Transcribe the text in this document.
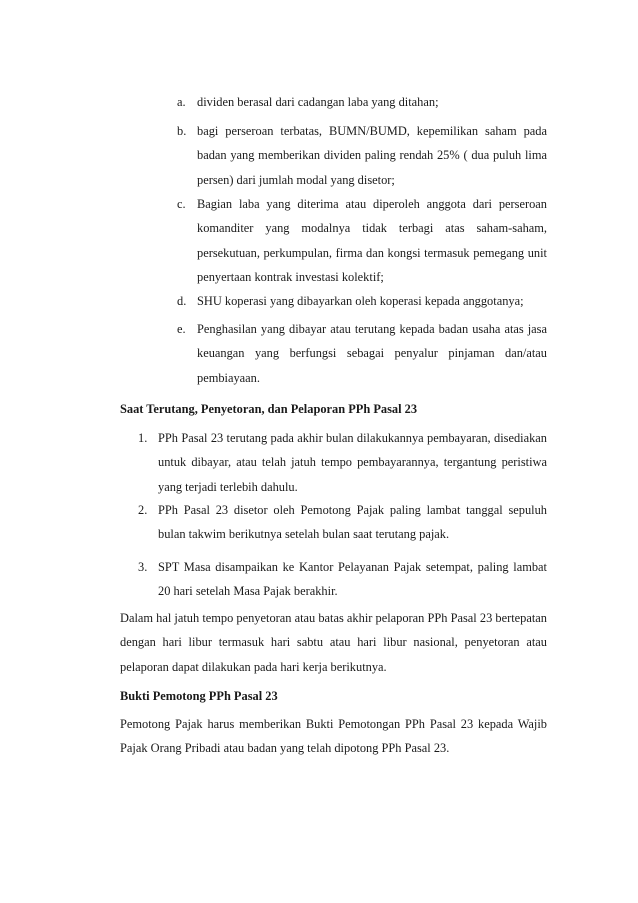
a. dividen berasal dari cadangan laba yang ditahan;
b. bagi perseroan terbatas, BUMN/BUMD, kepemilikan saham pada badan yang memberikan dividen paling rendah 25% ( dua puluh lima persen) dari jumlah modal yang disetor;
c. Bagian laba yang diterima atau diperoleh anggota dari perseroan komanditer yang modalnya tidak terbagi atas saham-saham, persekutuan, perkumpulan, firma dan kongsi termasuk pemegang unit penyertaan kontrak investasi kolektif;
d. SHU koperasi yang dibayarkan oleh koperasi kepada anggotanya;
e. Penghasilan yang dibayar atau terutang kepada badan usaha atas jasa keuangan yang berfungsi sebagai penyalur pinjaman dan/atau pembiayaan.
Saat Terutang, Penyetoran, dan Pelaporan PPh Pasal 23
1. PPh Pasal 23 terutang pada akhir bulan dilakukannya pembayaran, disediakan untuk dibayar, atau telah jatuh tempo pembayarannya, tergantung peristiwa yang terjadi terlebih dahulu.
2. PPh Pasal 23 disetor oleh Pemotong Pajak paling lambat tanggal sepuluh bulan takwim berikutnya setelah bulan saat terutang pajak.
3. SPT Masa disampaikan ke Kantor Pelayanan Pajak setempat, paling lambat 20 hari setelah Masa Pajak berakhir.
Dalam hal jatuh tempo penyetoran atau batas akhir pelaporan PPh Pasal 23 bertepatan dengan hari libur termasuk hari sabtu atau hari libur nasional, penyetoran atau pelaporan dapat dilakukan pada hari kerja berikutnya.
Bukti Pemotong PPh Pasal 23
Pemotong Pajak harus memberikan Bukti Pemotongan PPh Pasal 23 kepada Wajib Pajak Orang Pribadi atau badan yang telah dipotong PPh Pasal 23.
